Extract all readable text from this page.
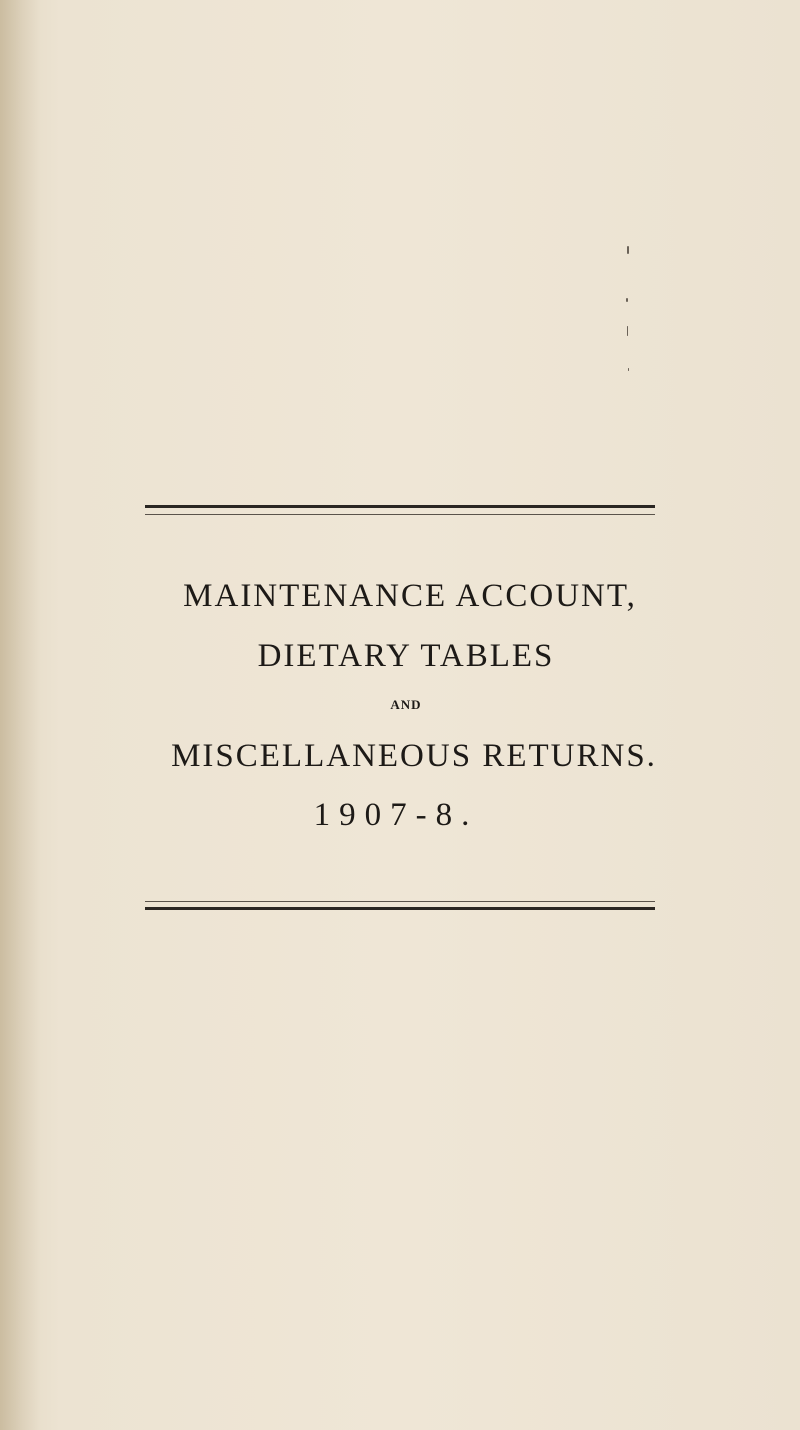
MAINTENANCE ACCOUNT,
DIETARY TABLES
AND
MISCELLANEOUS RETURNS.
1907-8.
